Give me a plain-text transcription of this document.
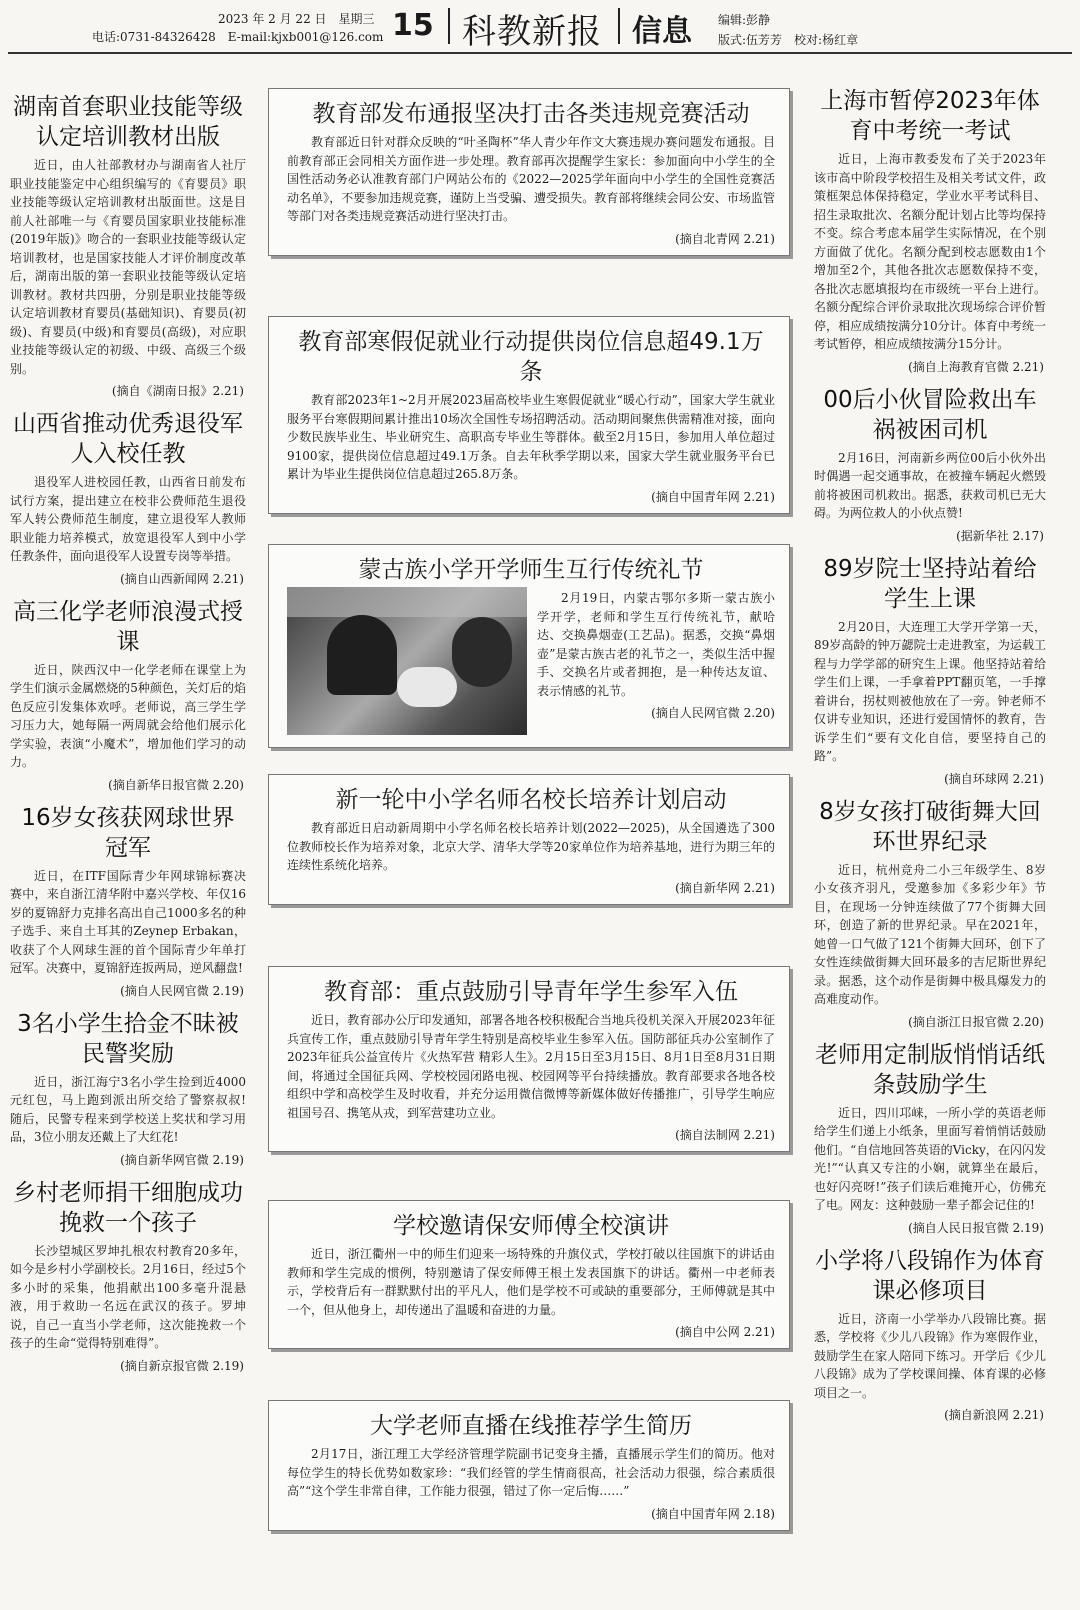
2023 年 2 月 22 日　星期三
电话:0731-84326428　E-mail:kjxb001@126.com 15 科教新报 信息 编辑:彭静
版式:伍芳芳　校对:杨红章
湖南首套职业技能等级认定培训教材出版

近日，由人社部教材办与湖南省人社厅职业技能鉴定中心组织编写的《育婴员》职业技能等级认定培训教材出版面世。这是目前人社部唯一与《育婴员国家职业技能标准(2019年版)》吻合的一套职业技能等级认定培训教材，也是国家技能人才评价制度改革后，湖南出版的第一套职业技能等级认定培训教材。教材共四册，分别是职业技能等级认定培训教材育婴员(基础知识)、育婴员(初级)、育婴员(中级)和育婴员(高级)，对应职业技能等级认定的初级、中级、高级三个级别。

(摘自《湖南日报》2.21)
山西省推动优秀退役军人入校任教

退役军人进校园任教，山西省日前发布试行方案，提出建立在校非公费师范生退役军人转公费师范生制度，建立退役军人教师职业能力培养模式，放宽退役军人到中小学任教条件，面向退役军人设置专岗等举措。

(摘自山西新闻网 2.21)
高三化学老师浪漫式授课

近日，陕西汉中一化学老师在课堂上为学生们演示金属燃烧的5种颜色，关灯后的焰色反应引发集体欢呼。老师说，高三学生学习压力大，她每隔一两周就会给他们展示化学实验，表演“小魔术”，增加他们学习的动力。

(摘自新华日报官微 2.20)
16岁女孩获网球世界冠军

近日，在ITF国际青少年网球锦标赛决赛中，来自浙江清华附中嘉兴学校、年仅16岁的夏锦舒力克排名高出自己1000多名的种子选手、来自土耳其的Zeynep Erbakan，收获了个人网球生涯的首个国际青少年单打冠军。决赛中，夏锦舒连扳两局，逆风翻盘!

(摘自人民网官微 2.19)
3名小学生拾金不昧被民警奖励

近日，浙江海宁3名小学生捡到近4000元红包，马上跑到派出所交给了警察叔叔! 随后，民警专程来到学校送上奖状和学习用品，3位小朋友还戴上了大红花!

(摘自新华网官微 2.19)
乡村老师捐干细胞成功挽救一个孩子

长沙望城区罗坤扎根农村教育20多年，如今是乡村小学副校长。2月16日，经过5个多小时的采集，他捐献出100多毫升混悬液，用于救助一名远在武汉的孩子。罗坤说，自己一直当小学老师，这次能挽救一个孩子的生命“觉得特别难得”。

(摘自新京报官微 2.19)
教育部发布通报坚决打击各类违规竞赛活动

教育部近日针对群众反映的“叶圣陶杯”华人青少年作文大赛违规办赛问题发布通报。目前教育部正会同相关方面作进一步处理。教育部再次提醒学生家长：参加面向中小学生的全国性活动务必认准教育部门户网站公布的《2022—2025学年面向中小学生的全国性竞赛活动名单》，不要参加违规竞赛，谨防上当受骗、遭受损失。教育部将继续会同公安、市场监管等部门对各类违规竞赛活动进行坚决打击。

(摘自北青网 2.21)
教育部寒假促就业行动提供岗位信息超49.1万条

教育部2023年1~2月开展2023届高校毕业生寒假促就业“暖心行动”，国家大学生就业服务平台寒假期间累计推出10场次全国性专场招聘活动。活动期间聚焦供需精准对接，面向少数民族毕业生、毕业研究生、高职高专毕业生等群体。截至2月15日，参加用人单位超过9100家，提供岗位信息超过49.1万条。自去年秋季学期以来，国家大学生就业服务平台已累计为毕业生提供岗位信息超过265.8万条。

(摘自中国青年网 2.21)
蒙古族小学开学师生互行传统礼节

2月19日，内蒙古鄂尔多斯一蒙古族小学开学，老师和学生互行传统礼节，献哈达、交换鼻烟壶(工艺品)。据悉，交换“鼻烟壶”是蒙古族古老的礼节之一，类似生活中握手、交换名片或者拥抱，是一种传达友谊、表示情感的礼节。

(摘自人民网官微 2.20)
新一轮中小学名师名校长培养计划启动

教育部近日启动新周期中小学名师名校长培养计划(2022—2025)，从全国遴选了300位教师校长作为培养对象，北京大学、清华大学等20家单位作为培养基地，进行为期三年的连续性系统化培养。

(摘自新华网 2.21)
教育部：重点鼓励引导青年学生参军入伍

近日，教育部办公厅印发通知，部署各地各校积极配合当地兵役机关深入开展2023年征兵宣传工作，重点鼓励引导青年学生特别是高校毕业生参军入伍。国防部征兵办公室制作了2023年征兵公益宣传片《火热军营 精彩人生》。2月15日至3月15日、8月1日至8月31日期间，将通过全国征兵网、学校校园闭路电视、校园网等平台持续播放。教育部要求各地各校组织中学和高校学生及时收看，并充分运用微信微博等新媒体做好传播推广，引导学生响应祖国号召、携笔从戎，到军营建功立业。

(摘自法制网 2.21)
学校邀请保安师傅全校演讲

近日，浙江衢州一中的师生们迎来一场特殊的升旗仪式，学校打破以往国旗下的讲话由教师和学生完成的惯例，特别邀请了保安师傅王根土发表国旗下的讲话。衢州一中老师表示，学校背后有一群默默付出的平凡人，他们是学校不可或缺的重要部分，王师傅就是其中一个，但从他身上，却传递出了温暖和奋进的力量。

(摘自中公网 2.21)
大学老师直播在线推荐学生简历

2月17日，浙江理工大学经济管理学院副书记变身主播，直播展示学生们的简历。他对每位学生的特长优势如数家珍：“我们经管的学生情商很高，社会活动力很强，综合素质很高”“这个学生非常自律，工作能力很强，错过了你一定后悔……”

(摘自中国青年网 2.18)
上海市暂停2023年体育中考统一考试

近日，上海市教委发布了关于2023年该市高中阶段学校招生及相关考试文件，政策框架总体保持稳定，学业水平考试科目、招生录取批次、名额分配计划占比等均保持不变。综合考虑本届学生实际情况，在个别方面做了优化。名额分配到校志愿数由1个增加至2个，其他各批次志愿数保持不变，各批次志愿填报均在市级统一平台上进行。名额分配综合评价录取批次现场综合评价暂停，相应成绩按满分10分计。体育中考统一考试暂停，相应成绩按满分15分计。

(摘自上海教育官微 2.21)
00后小伙冒险救出车祸被困司机

2月16日，河南新乡两位00后小伙外出时偶遇一起交通事故，在被撞车辆起火燃毁前将被困司机救出。据悉，获救司机已无大碍。为两位救人的小伙点赞!

(据新华社 2.17)
89岁院士坚持站着给学生上课

2月20日，大连理工大学开学第一天，89岁高龄的钟万勰院士走进教室，为运载工程与力学学部的研究生上课。他坚持站着给学生们上课，一手拿着PPT翻页笔，一手撑着讲台，拐杖则被他放在了一旁。钟老师不仅讲专业知识，还进行爱国情怀的教育，告诉学生们“要有文化自信，要坚持自己的路”。

(摘自环球网 2.21)
8岁女孩打破街舞大回环世界纪录

近日，杭州竞舟二小三年级学生、8岁小女孩齐羽凡，受邀参加《多彩少年》节目，在现场一分钟连续做了77个街舞大回环，创造了新的世界纪录。早在2021年，她曾一口气做了121个街舞大回环，创下了女性连续做街舞大回环最多的吉尼斯世界纪录。据悉，这个动作是街舞中极具爆发力的高难度动作。

(摘自浙江日报官微 2.20)
老师用定制版悄悄话纸条鼓励学生

近日，四川邛崃，一所小学的英语老师给学生们递上小纸条，里面写着悄悄话鼓励他们。“自信地回答英语的Vicky，在闪闪发光!”“认真又专注的小娴，就算坐在最后，也好闪亮呀!”孩子们读后难掩开心，仿佛充了电。网友：这种鼓励一辈子都会记住的!

(摘自人民日报官微 2.19)
小学将八段锦作为体育课必修项目

近日，济南一小学举办八段锦比赛。据悉，学校将《少儿八段锦》作为寒假作业，鼓励学生在家人陪同下练习。开学后《少儿八段锦》成为了学校课间操、体育课的必修项目之一。

(摘自新浪网 2.21)
